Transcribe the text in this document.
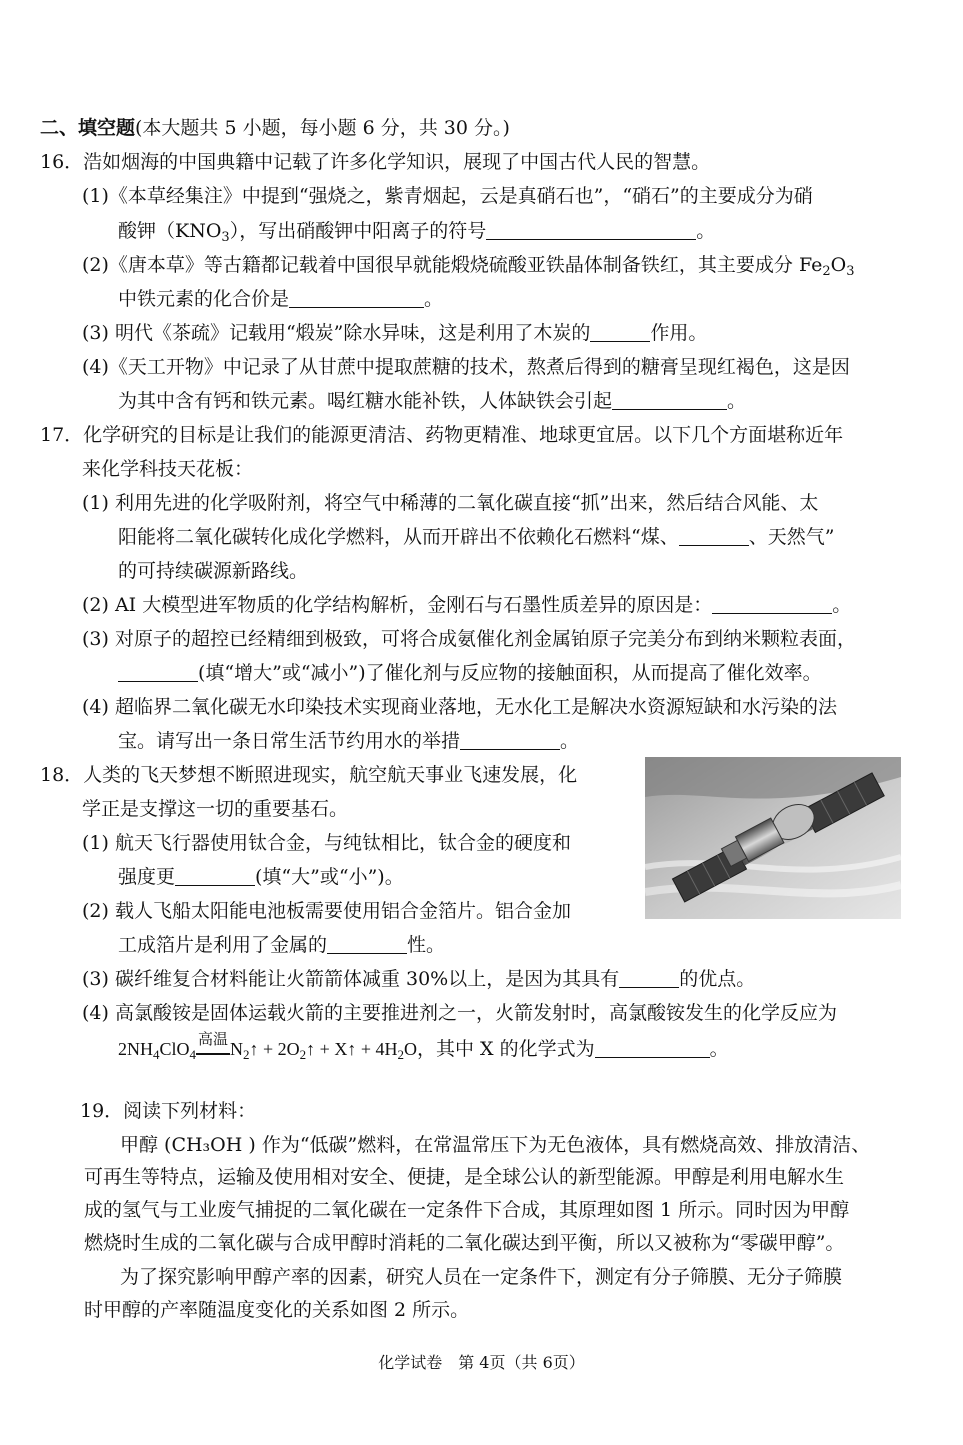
二、填空题(本大题共 5 小题，每小题 6 分，共 30 分。)
16．浩如烟海的中国典籍中记载了许多化学知识，展现了中国古代人民的智慧。
(1)《本草经集注》中提到“强烧之，紫青烟起，云是真硝石也”，“硝石”的主要成分为硝
酸钾$(KNO_3)$，写出硝酸钾中阳离子的符号	。
(2)《唐本草》等古籍都记载着中国很早就能煅烧硫酸亚铁晶体制备铁红，其主要成分 $Fe_2O_3$
中铁元素的化合价是	。
(3) 明代《茶疏》记载用“煅炭”除水异味，这是利用了木炭的	作用。
(4)《天工开物》中记录了从甘蔗中提取蔗糖的技术，熬煮后得到的糖膏呈现红褐色，这是因
为其中含有钙和铁元素。喝红糖水能补铁，人体缺铁会引起	。
17．化学研究的目标是让我们的能源更清洁、药物更精准、地球更宜居。以下几个方面堪称近年
来化学科技天花板：
(1) 利用先进的化学吸附剂，将空气中稀薄的二氧化碳直接“抓”出来，然后结合风能、太
阳能将二氧化碳转化成化学燃料，从而开辟出不依赖化石燃料“煤、	、天然气”
的可持续碳源新路线。
(2) AI 大模型进军物质的化学结构解析，金刚石与石墨性质差异的原因是：	。
(3) 对原子的超控已经精细到极致，可将合成氨催化剂金属铂原子完美分布到纳米颗粒表面，
(填“增大”或“减小”)了催化剂与反应物的接触面积，从而提高了催化效率。
(4) 超临界二氧化碳无水印染技术实现商业落地，无水化工是解决水资源短缺和水污染的法
宝。请写出一条日常生活节约用水的举措	。
18．人类的飞天梦想不断照进现实，航空航天事业飞速发展，化
学正是支撑这一切的重要基石。
(1) 航天飞行器使用钛合金，与纯钛相比，钛合金的硬度和
强度更	(填“大”或“小”)。
(2) 载人飞船太阳能电池板需要使用铝合金箔片。铝合金加
工成箔片是利用了金属的	性。
(3) 碳纤维复合材料能让火箭箭体减重 30%以上，是因为其具有	的优点。
(4) 高氯酸铵是固体运载火箭的主要推进剂之一，火箭发射时，高氯酸铵发生的化学反应为
$2NH_4ClO_4$
高温 $N_2↑$ + $2O_2↑$ + X↑ + $4H_2O$，其中 X 的化学式为	。
19．阅读下列材料：
甲醇 (CH₃OH ) 作为“低碳”燃料，在常温常压下为无色液体，具有燃烧高效、排放清洁、
可再生等特点，运输及使用相对安全、便捷，是全球公认的新型能源。甲醇是利用电解水生
成的氢气与工业废气捕捉的二氧化碳在一定条件下合成，其原理如图 1 所示。同时因为甲醇
燃烧时生成的二氧化碳与合成甲醇时消耗的二氧化碳达到平衡，所以又被称为“零碳甲醇”。
为了探究影响甲醇产率的因素，研究人员在一定条件下，测定有分子筛膜、无分子筛膜
时甲醇的产率随温度变化的关系如图 2 所示。
化学试卷　第 4页（共 6页）
